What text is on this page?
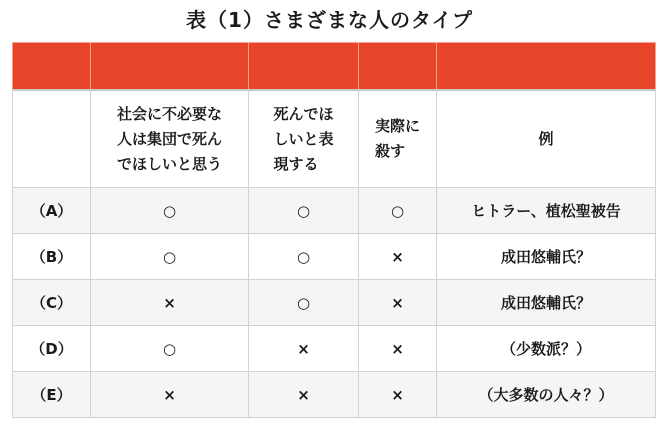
表（1）さまざまな人のタイプ

	社会に不必要な
人は集団で死ん
でほしいと思う	死んでほ
しいと表
現する	実際に
殺す	例
（A）	○	○	○	ヒトラー、植松聖被告
（B）	○	○	×	成田悠輔氏？
（C）	×	○	×	成田悠輔氏？
（D）	○	×	×	（少数派？）
（E）	×	×	×	（大多数の人々？）
